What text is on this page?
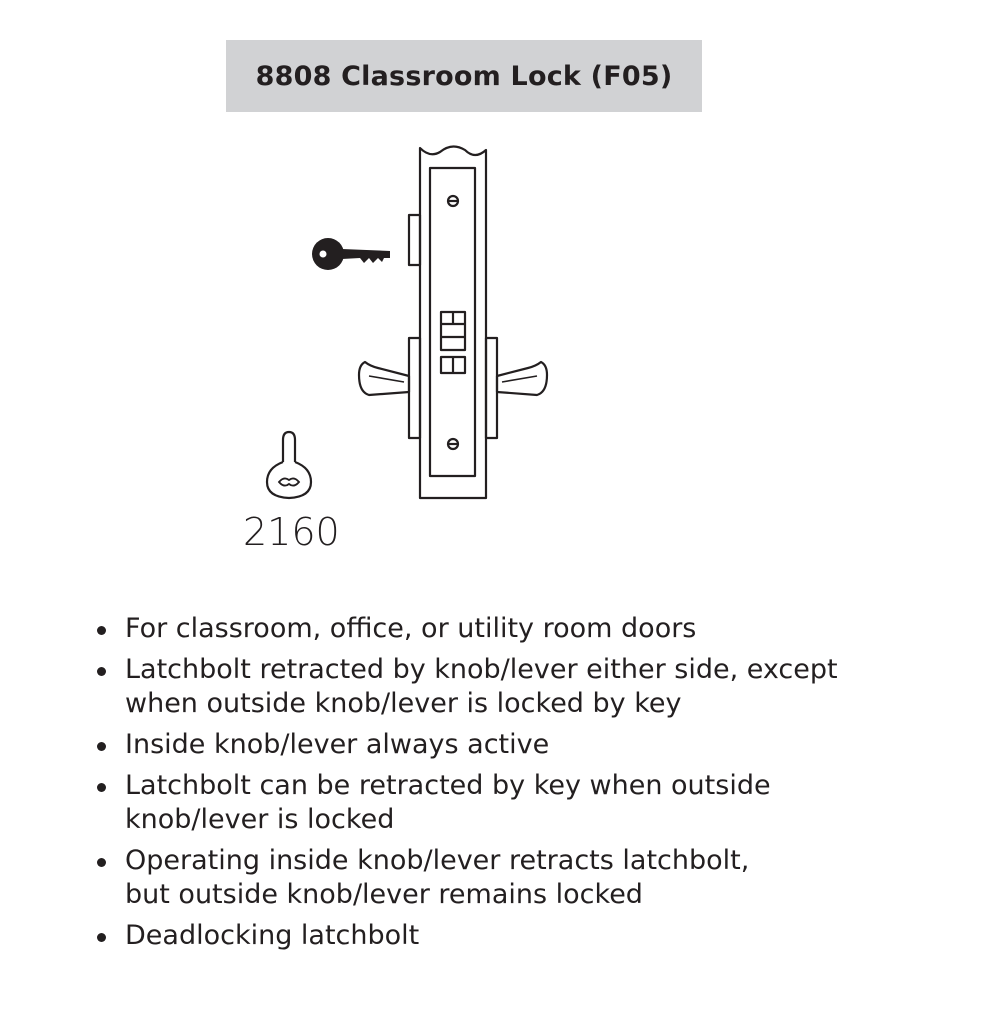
8808 Classroom Lock (F05)
2160
For classroom, office, or utility room doors
Latchbolt retracted by knob/lever either side, except
when outside knob/lever is locked by key
Inside knob/lever always active
Latchbolt can be retracted by key when outside
knob/lever is locked
Operating inside knob/lever retracts latchbolt,
but outside knob/lever remains locked
Deadlocking latchbolt
